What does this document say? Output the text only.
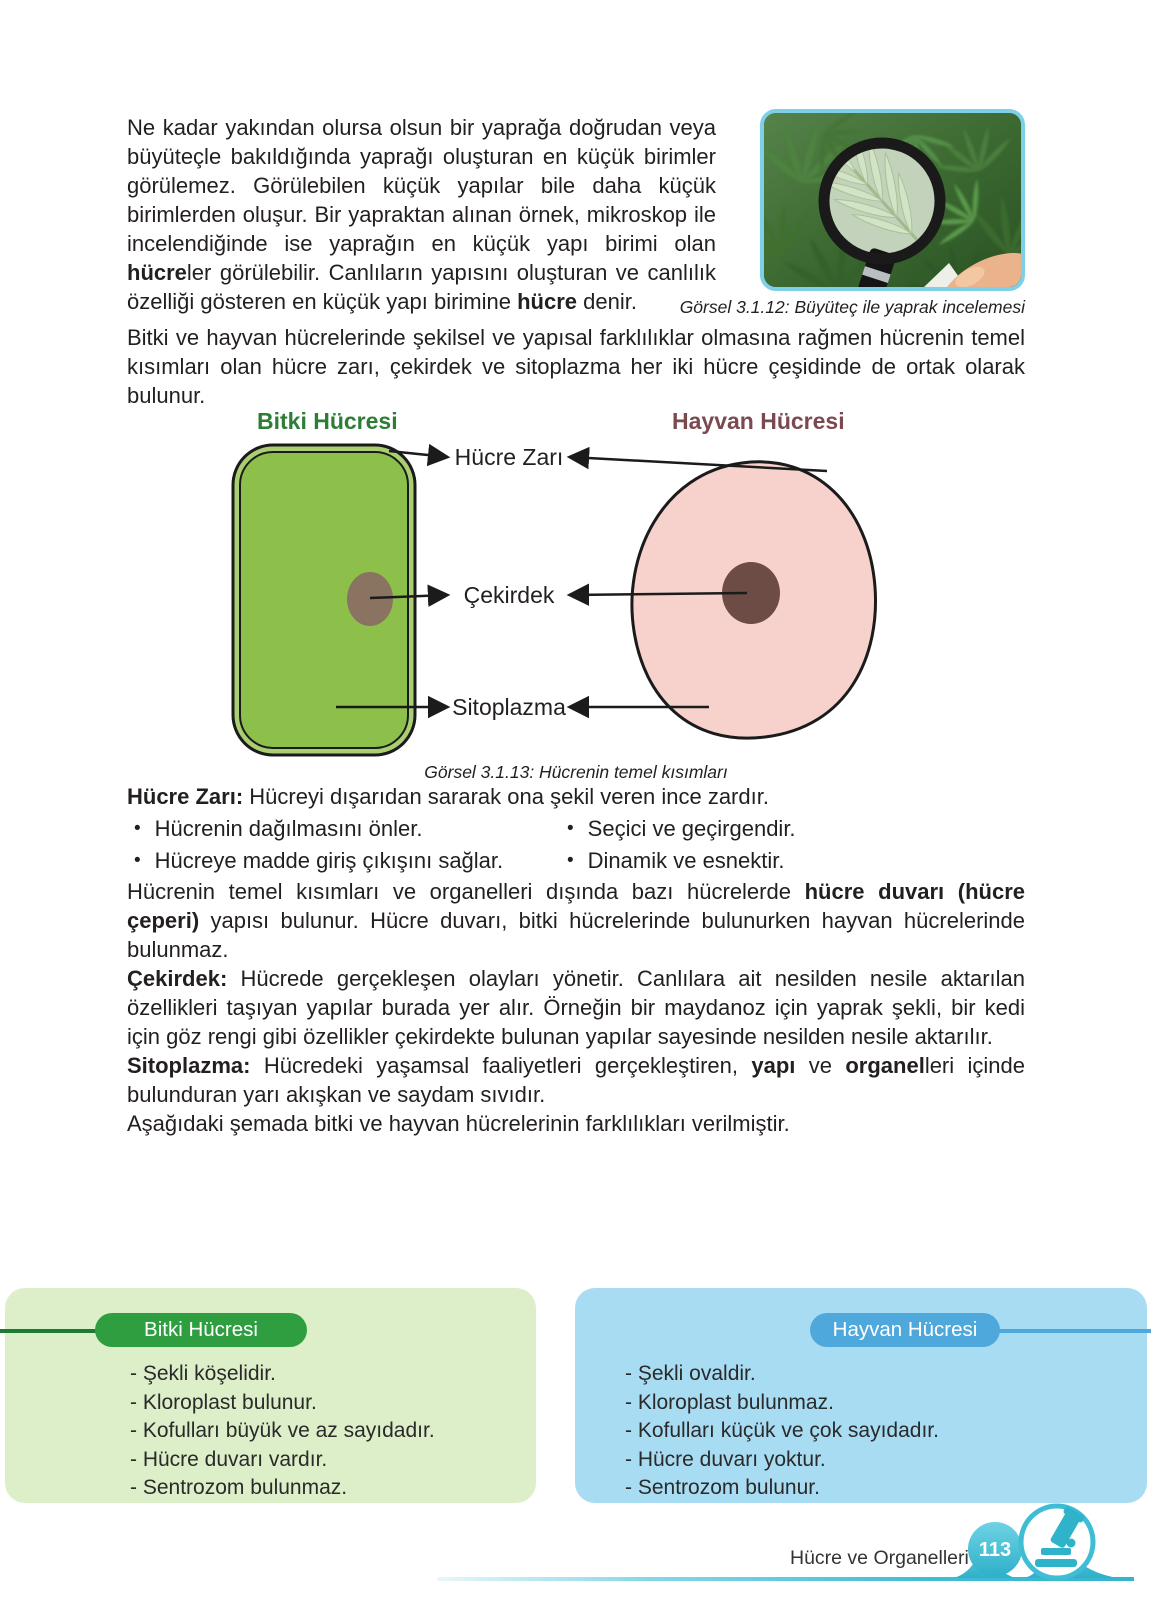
Görsel 3.1.12: Büyüteç ile yaprak incelemesi

Ne kadar yakından olursa olsun bir yaprağa doğrudan veya büyüteçle bakıldığında yaprağı oluşturan en küçük birimler görülemez. Görülebilen küçük yapılar bile daha küçük birimlerden oluşur. Bir yapraktan alınan örnek, mikroskop ile incelendiğinde ise yaprağın en küçük yapı birimi olan hücreler görülebilir. Canlıların yapısını oluşturan ve canlılık özelliği gösteren en küçük yapı birimine hücre denir.

Bitki ve hayvan hücrelerinde şekilsel ve yapısal farklılıklar olmasına rağmen hücrenin temel kısımları olan hücre zarı, çekirdek ve sitoplazma her iki hücre çeşidinde de ortak olarak bulunur.

Bitki Hücresi	Hayvan Hücresi
Hücre Zarı
Çekirdek
Sitoplazma
Görsel 3.1.13: Hücrenin temel kısımları

Hücre Zarı: Hücreyi dışarıdan sararak ona şekil veren ince zardır.

• Hücrenin dağılmasını önler.	• Seçici ve geçirgendir.
• Hücreye madde giriş çıkışını sağlar.	• Dinamik ve esnektir.

Hücrenin temel kısımları ve organelleri dışında bazı hücrelerde hücre duvarı (hücre çeperi) yapısı bulunur. Hücre duvarı, bitki hücrelerinde bulunurken hayvan hücrelerinde bulunmaz.

Çekirdek: Hücrede gerçekleşen olayları yönetir. Canlılara ait nesilden nesile aktarılan özellikleri taşıyan yapılar burada yer alır. Örneğin bir maydanoz için yaprak şekli, bir kedi için göz rengi gibi özellikler çekirdekte bulunan yapılar sayesinde nesilden nesile aktarılır.

Sitoplazma: Hücredeki yaşamsal faaliyetleri gerçekleştiren, yapı ve organelleri içinde bulunduran yarı akışkan ve saydam sıvıdır.

Aşağıdaki şemada bitki ve hayvan hücrelerinin farklılıkları verilmiştir.

Bitki Hücresi
- Şekli köşelidir.
- Kloroplast bulunur.
- Kofulları büyük ve az sayıdadır.
- Hücre duvarı vardır.
- Sentrozom bulunmaz.
Hayvan Hücresi
- Şekli ovaldir.
- Kloroplast bulunmaz.
- Kofulları küçük ve çok sayıdadır.
- Hücre duvarı yoktur.
- Sentrozom bulunur.
Hücre ve Organelleri 113
